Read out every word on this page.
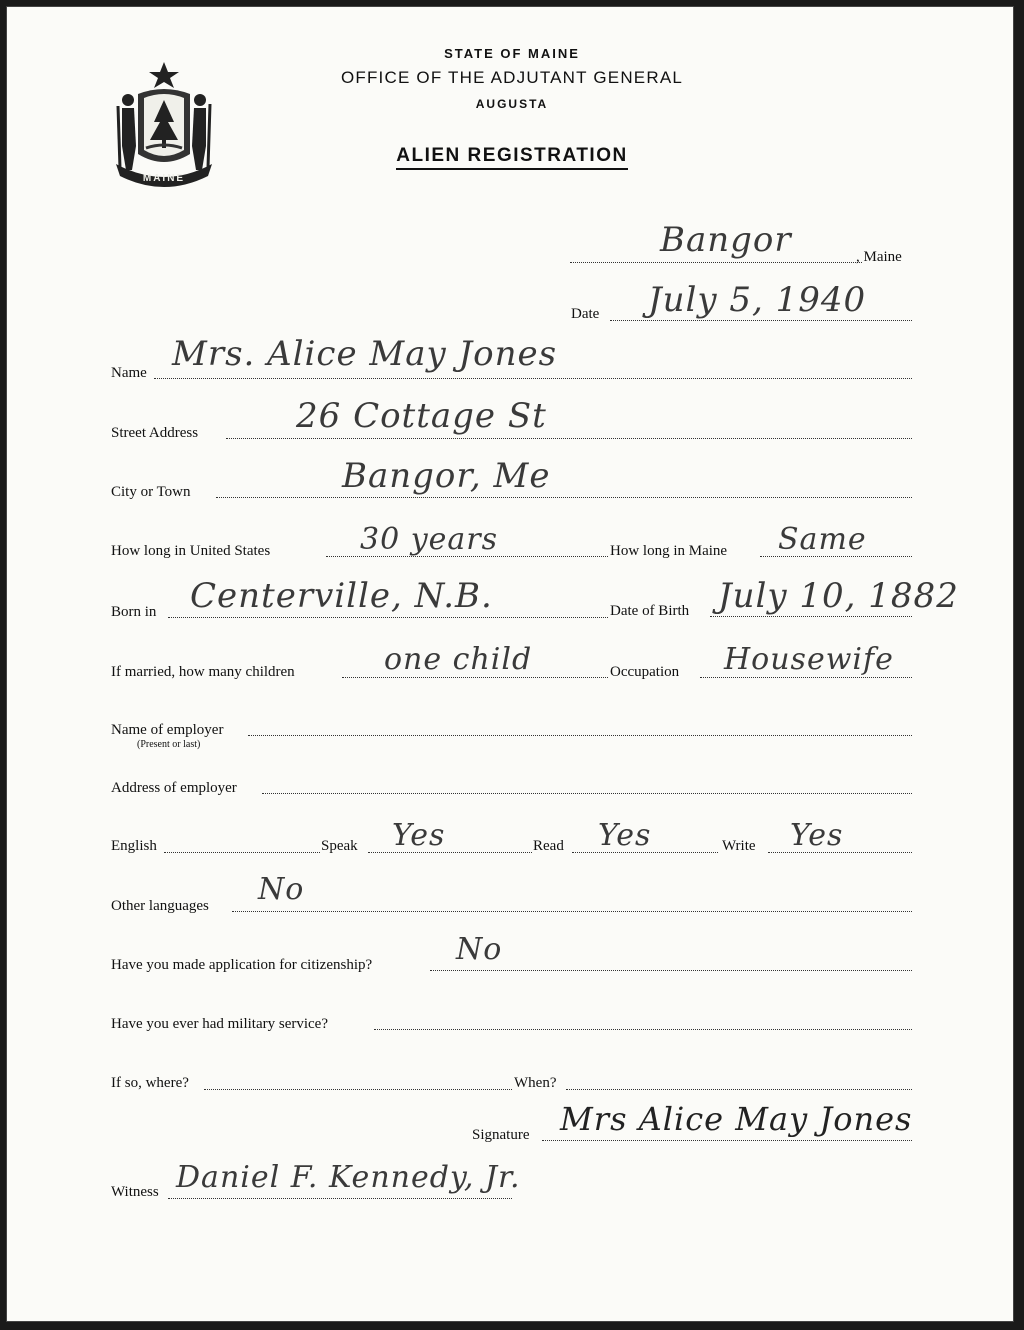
MAINE
STATE OF MAINE
OFFICE OF THE ADJUTANT GENERAL
AUGUSTA
ALIEN REGISTRATION
Bangor	, Maine
Date July 5, 1940
Name Mrs. Alice May Jones
Street Address	26 Cottage St
City or Town	Bangor, Me
How long in United States	30 years	How long in Maine Same
Born in Centerville, N.B.	Date of Birth July 10, 1882
If married, how many children	one child	Occupation Housewife
Name of employer
(Present or last)
Address of employer
English	Speak Yes	Read Yes	Write Yes
Other languages No
Have you made application for citizenship?	No
Have you ever had military service?
If so, where?	When?
Signature Mrs Alice May Jones
Witness Daniel F. Kennedy, Jr.
